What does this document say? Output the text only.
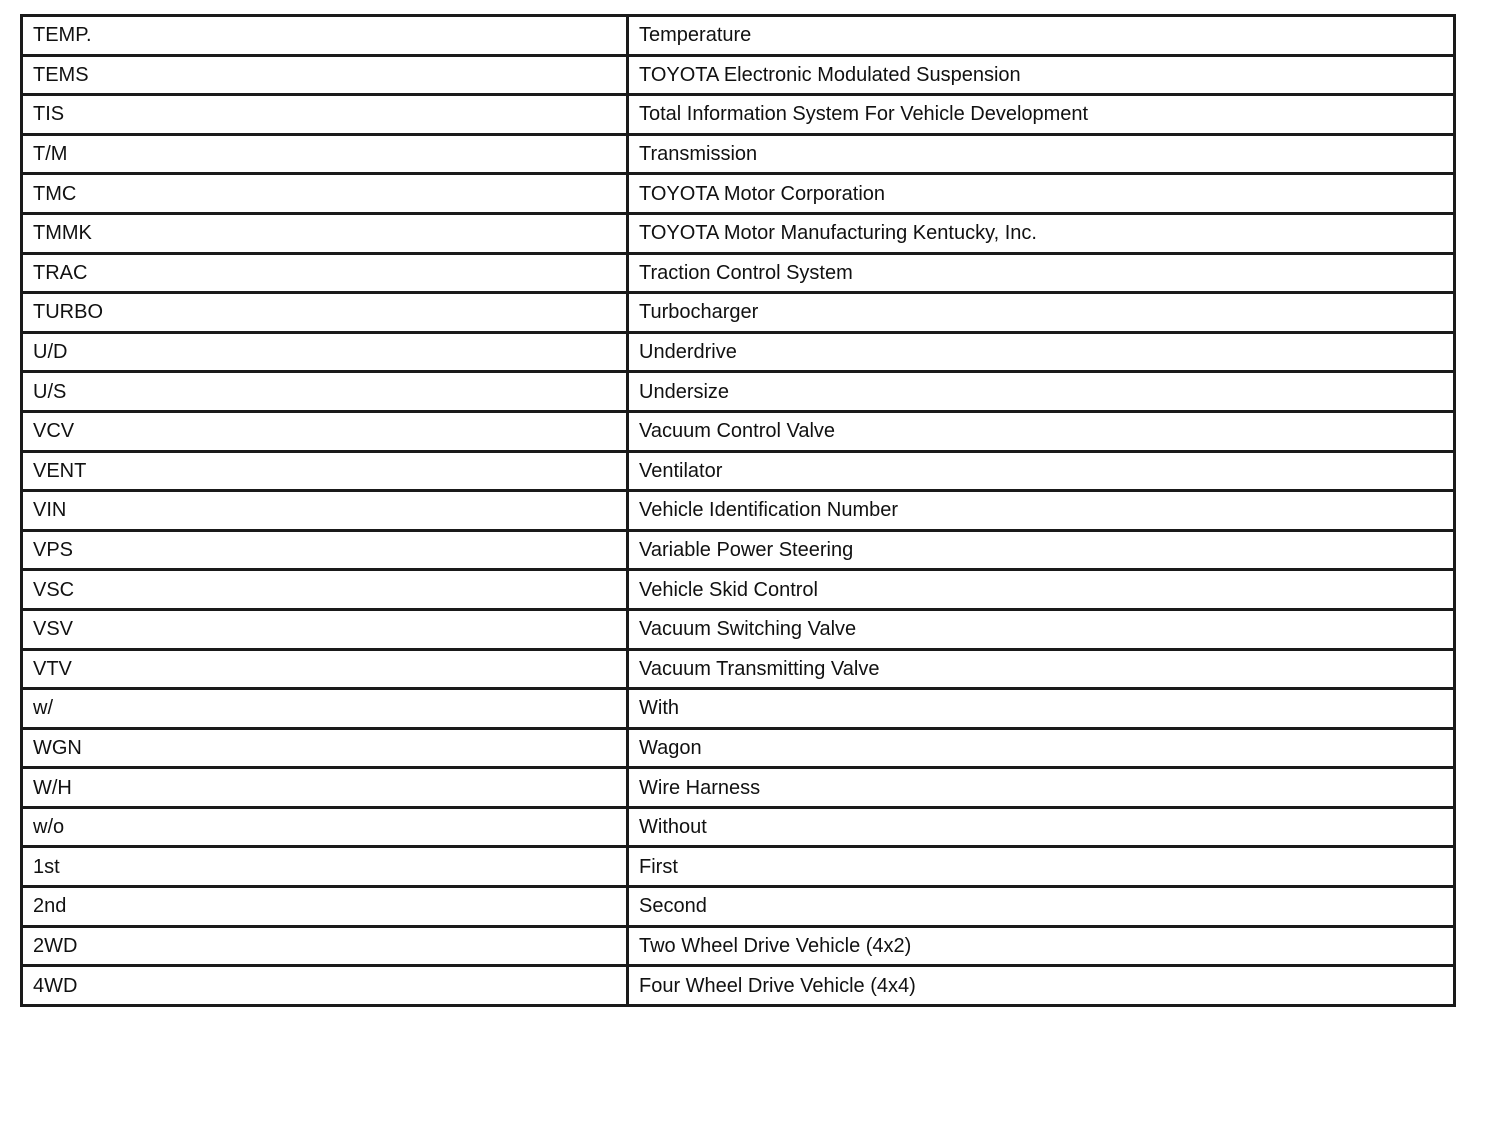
TEMP.	Temperature
TEMS	TOYOTA Electronic Modulated Suspension
TIS	Total Information System For Vehicle Development
T/M	Transmission
TMC	TOYOTA Motor Corporation
TMMK	TOYOTA Motor Manufacturing Kentucky, Inc.
TRAC	Traction Control System
TURBO	Turbocharger
U/D	Underdrive
U/S	Undersize
VCV	Vacuum Control Valve
VENT	Ventilator
VIN	Vehicle Identification Number
VPS	Variable Power Steering
VSC	Vehicle Skid Control
VSV	Vacuum Switching Valve
VTV	Vacuum Transmitting Valve
w/	With
WGN	Wagon
W/H	Wire Harness
w/o	Without
1st	First
2nd	Second
2WD	Two Wheel Drive Vehicle (4x2)
4WD	Four Wheel Drive Vehicle (4x4)
